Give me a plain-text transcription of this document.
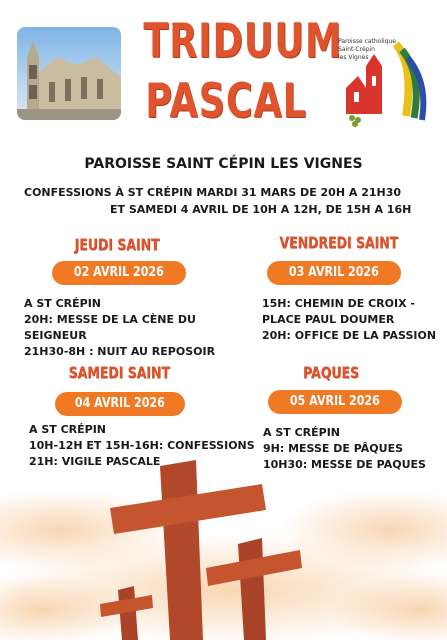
TRIDUUM
PASCAL
Paroisse catholique
Saint-Crépin
les Vignes
PAROISSE SAINT CÉPIN LES VIGNES
CONFESSIONS À ST CRÉPIN MARDI 31 MARS DE 20H A 21H30
ET SAMEDI 4 AVRIL DE 10H A 12H, DE 15H A 16H
JEUDI SAINT
02 AVRIL 2026
A ST CRÉPIN
20H: MESSE DE LA CÈNE DU
SEIGNEUR
21H30-8H : NUIT AU REPOSOIR
VENDREDI SAINT
03 AVRIL 2026
15H: CHEMIN DE CROIX -
PLACE PAUL DOUMER
20H: OFFICE DE LA PASSION
SAMEDI SAINT
04 AVRIL 2026
A ST CRÉPIN
10H-12H ET 15H-16H: CONFESSIONS
21H: VIGILE PASCALE
PAQUES
05 AVRIL 2026
A ST CRÉPIN
9H: MESSE DE PÂQUES
10H30: MESSE DE PAQUES
